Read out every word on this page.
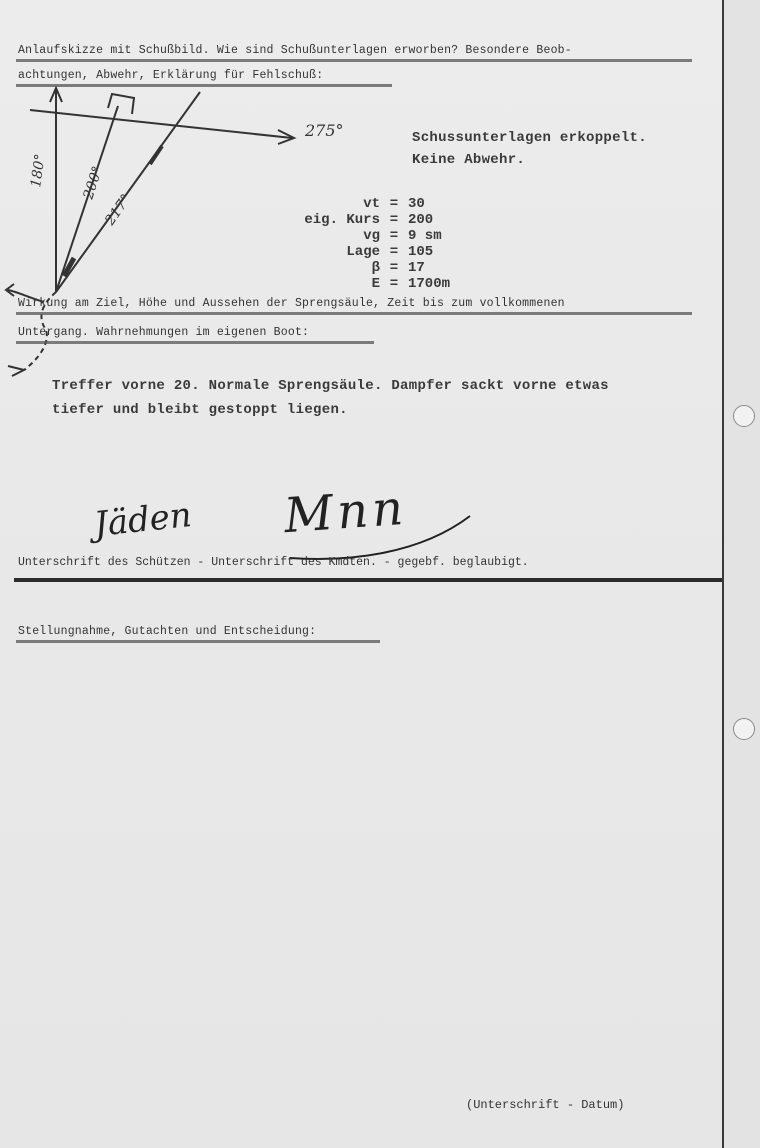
Anlaufskizze mit Schußbild. Wie sind Schußunterlagen erworben? Besondere Beob-
achtungen, Abwehr, Erklärung für Fehlschuß:
180° 200°
217°
275°	Schussunterlagen erkoppelt.
Keine Abwehr.
vt = 30
eig. Kurs = 200
vg = 9 sm
Lage = 105
β = 17
E = 1700m
Wirkung am Ziel, Höhe und Aussehen der Sprengsäule, Zeit bis zum vollkommenen
Untergang. Wahrnehmungen im eigenen Boot:
Treffer vorne 20. Normale Sprengsäule. Dampfer sackt vorne etwas
tiefer und bleibt gestoppt liegen.
Jäden Mnn
Unterschrift des Schützen - Unterschrift des Kmdten. - gegebf. beglaubigt.
Stellungnahme, Gutachten und Entscheidung:
(Unterschrift - Datum)
